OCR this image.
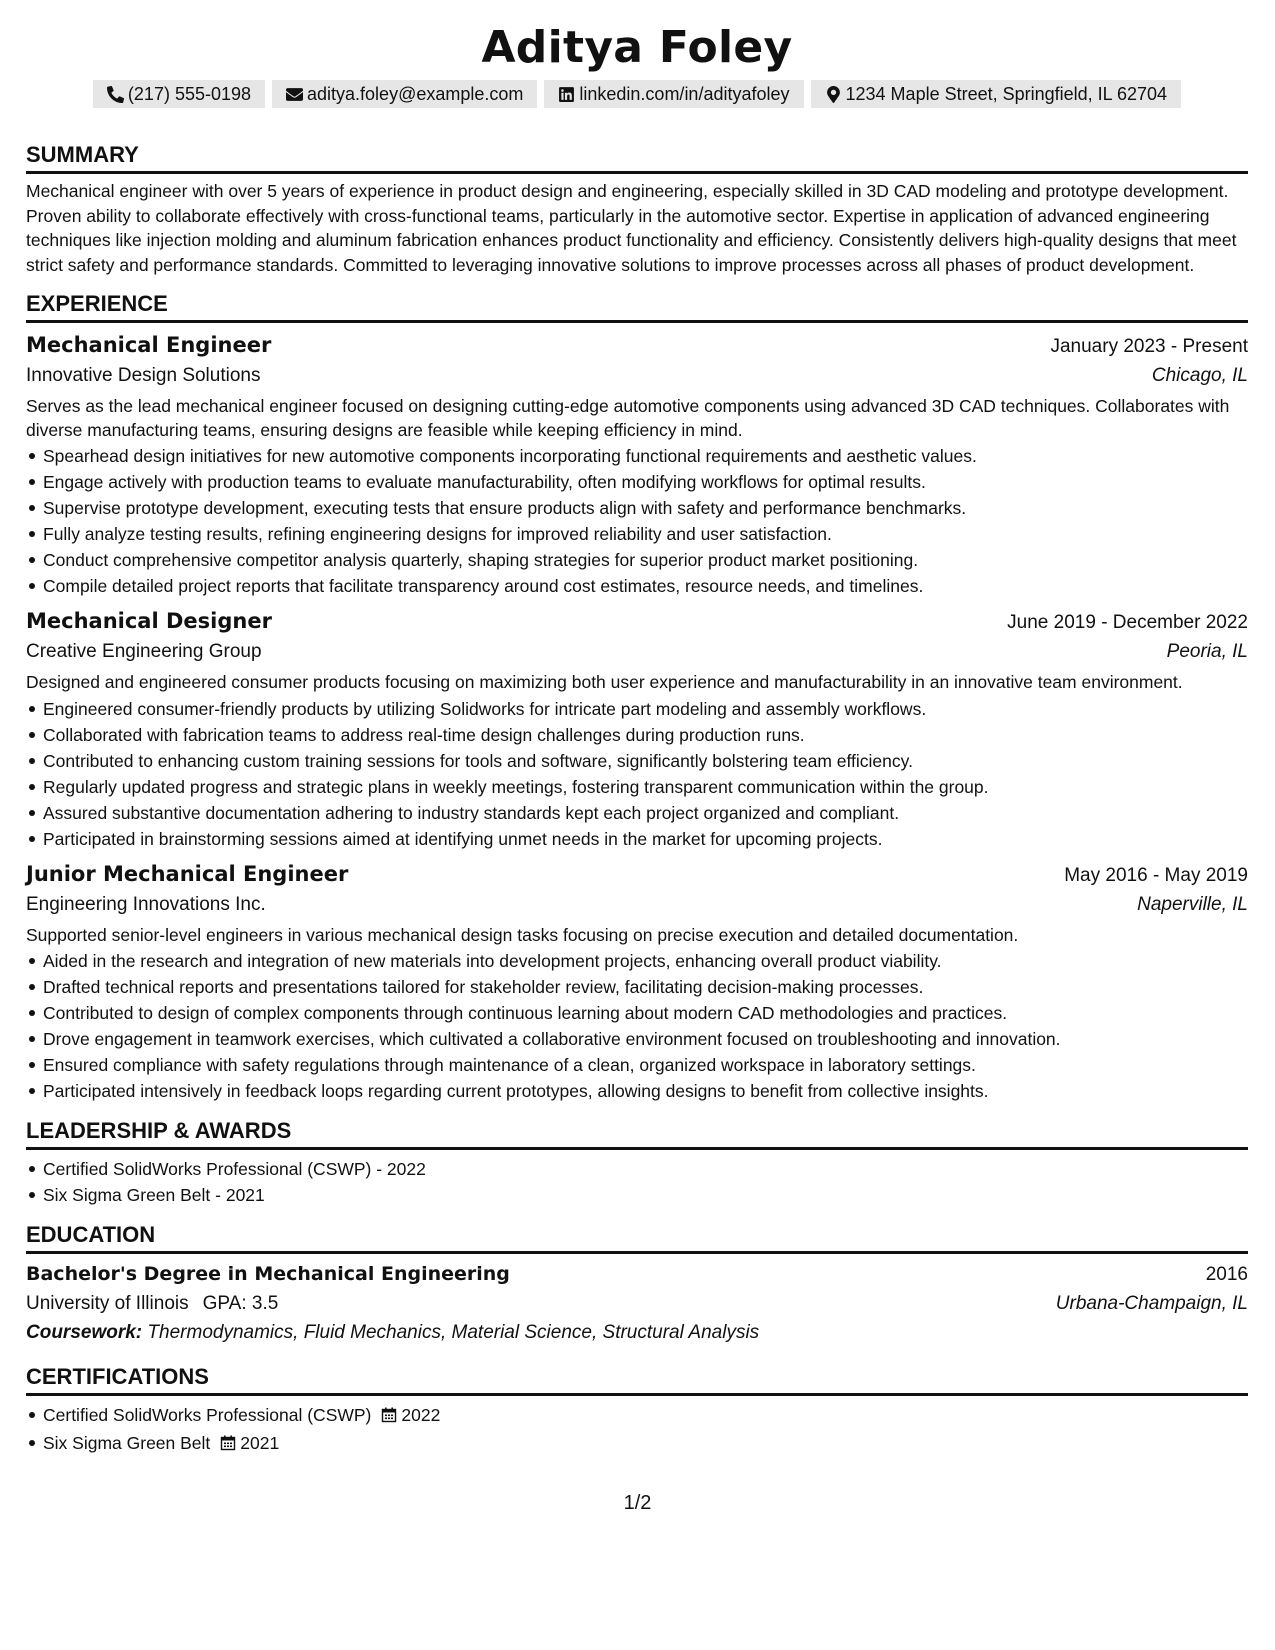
Aditya Foley
(217) 555-0198	aditya.foley@example.com	linkedin.com/in/adityafoley	1234 Maple Street, Springfield, IL 62704
SUMMARY
Mechanical engineer with over 5 years of experience in product design and engineering, especially skilled in 3D CAD modeling and prototype development. Proven ability to collaborate effectively with cross-functional teams, particularly in the automotive sector. Expertise in application of advanced engineering techniques like injection molding and aluminum fabrication enhances product functionality and efficiency. Consistently delivers high-quality designs that meet strict safety and performance standards. Committed to leveraging innovative solutions to improve processes across all phases of product development.
EXPERIENCE
Mechanical Engineer	January 2023 - Present
Innovative Design Solutions	Chicago, IL
Serves as the lead mechanical engineer focused on designing cutting-edge automotive components using advanced 3D CAD techniques. Collaborates with diverse manufacturing teams, ensuring designs are feasible while keeping efficiency in mind.
Spearhead design initiatives for new automotive components incorporating functional requirements and aesthetic values.
Engage actively with production teams to evaluate manufacturability, often modifying workflows for optimal results.
Supervise prototype development, executing tests that ensure products align with safety and performance benchmarks.
Fully analyze testing results, refining engineering designs for improved reliability and user satisfaction.
Conduct comprehensive competitor analysis quarterly, shaping strategies for superior product market positioning.
Compile detailed project reports that facilitate transparency around cost estimates, resource needs, and timelines.
Mechanical Designer	June 2019 - December 2022
Creative Engineering Group	Peoria, IL
Designed and engineered consumer products focusing on maximizing both user experience and manufacturability in an innovative team environment.
Engineered consumer-friendly products by utilizing Solidworks for intricate part modeling and assembly workflows.
Collaborated with fabrication teams to address real-time design challenges during production runs.
Contributed to enhancing custom training sessions for tools and software, significantly bolstering team efficiency.
Regularly updated progress and strategic plans in weekly meetings, fostering transparent communication within the group.
Assured substantive documentation adhering to industry standards kept each project organized and compliant.
Participated in brainstorming sessions aimed at identifying unmet needs in the market for upcoming projects.
Junior Mechanical Engineer	May 2016 - May 2019
Engineering Innovations Inc.	Naperville, IL
Supported senior-level engineers in various mechanical design tasks focusing on precise execution and detailed documentation.
Aided in the research and integration of new materials into development projects, enhancing overall product viability.
Drafted technical reports and presentations tailored for stakeholder review, facilitating decision-making processes.
Contributed to design of complex components through continuous learning about modern CAD methodologies and practices.
Drove engagement in teamwork exercises, which cultivated a collaborative environment focused on troubleshooting and innovation.
Ensured compliance with safety regulations through maintenance of a clean, organized workspace in laboratory settings.
Participated intensively in feedback loops regarding current prototypes, allowing designs to benefit from collective insights.
LEADERSHIP & AWARDS
Certified SolidWorks Professional (CSWP) - 2022
Six Sigma Green Belt - 2021
EDUCATION
Bachelor's Degree in Mechanical Engineering	2016
University of Illinois GPA: 3.5	Urbana-Champaign, IL
Coursework: Thermodynamics, Fluid Mechanics, Material Science, Structural Analysis
CERTIFICATIONS
Certified SolidWorks Professional (CSWP) 2022
Six Sigma Green Belt 2021
1/2
